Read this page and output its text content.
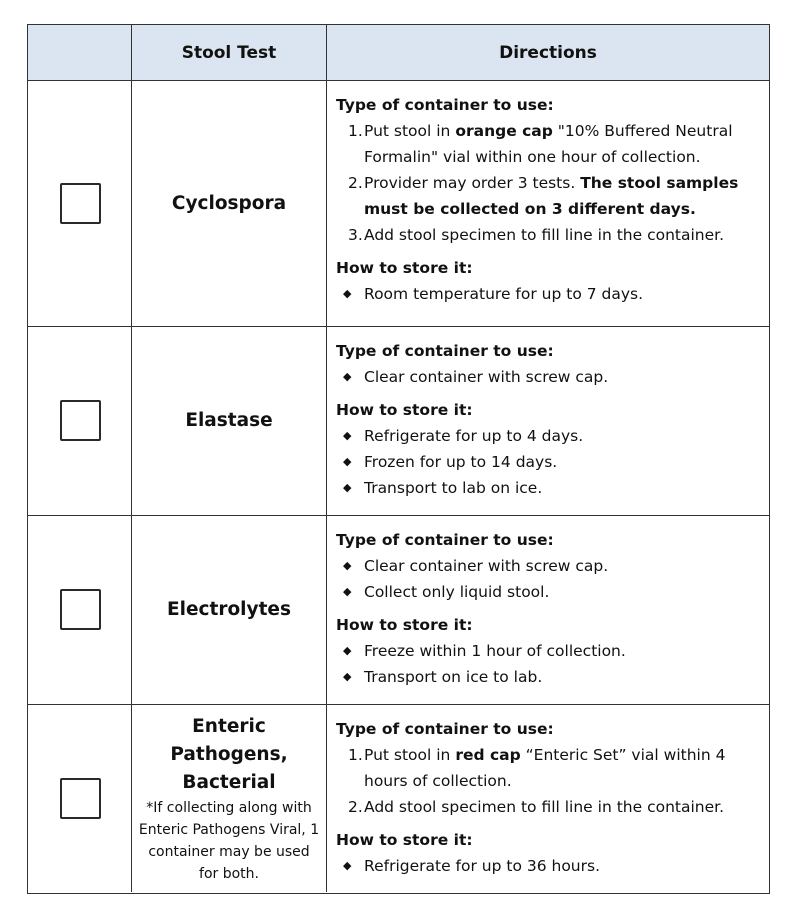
Stool Test	Directions
Cyclospora
Type of container to use:
1. Put stool in orange cap "10% Buffered Neutral Formalin" vial within one hour of collection.
2. Provider may order 3 tests. The stool samples must be collected on 3 different days.
3. Add stool specimen to fill line in the container.
How to store it:
◆ Room temperature for up to 7 days.
Elastase
Type of container to use:
◆ Clear container with screw cap.
How to store it:
◆ Refrigerate for up to 4 days.
◆ Frozen for up to 14 days.
◆ Transport to lab on ice.
Electrolytes
Type of container to use:
◆ Clear container with screw cap.
◆ Collect only liquid stool.
How to store it:
◆ Freeze within 1 hour of collection.
◆ Transport on ice to lab.
Enteric
Pathogens,
Bacterial
*If collecting along with Enteric Pathogens Viral, 1 container may be used for both.
Type of container to use:
1. Put stool in red cap “Enteric Set” vial within 4 hours of collection.
2. Add stool specimen to fill line in the container.
How to store it:
◆ Refrigerate for up to 36 hours.
